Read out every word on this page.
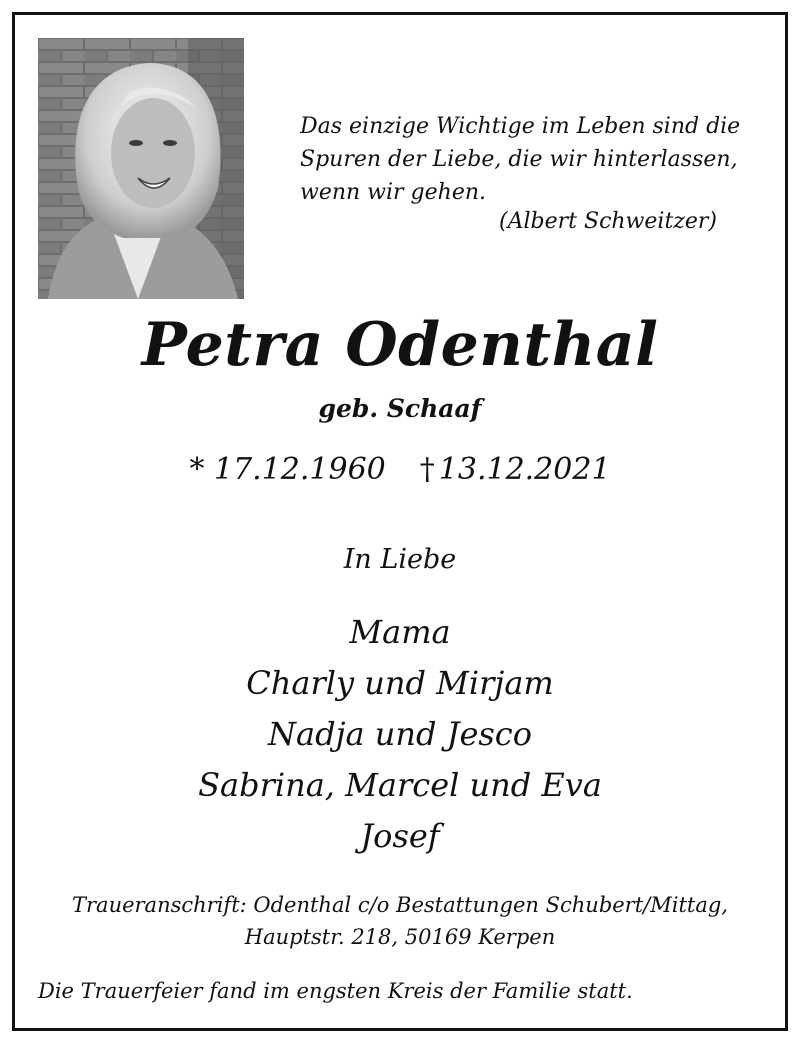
Das einzige Wichtige im Leben sind die
Spuren der Liebe, die wir hinterlassen,
wenn wir gehen.
(Albert Schweitzer)
Petra Odenthal
geb. Schaaf
* 17.12.1960 † 13.12.2021
In Liebe
Mama
Charly und Mirjam
Nadja und Jesco
Sabrina, Marcel und Eva
Josef
Traueranschrift: Odenthal c/o Bestattungen Schubert/Mittag,
Hauptstr. 218, 50169 Kerpen
Die Trauerfeier fand im engsten Kreis der Familie statt.
